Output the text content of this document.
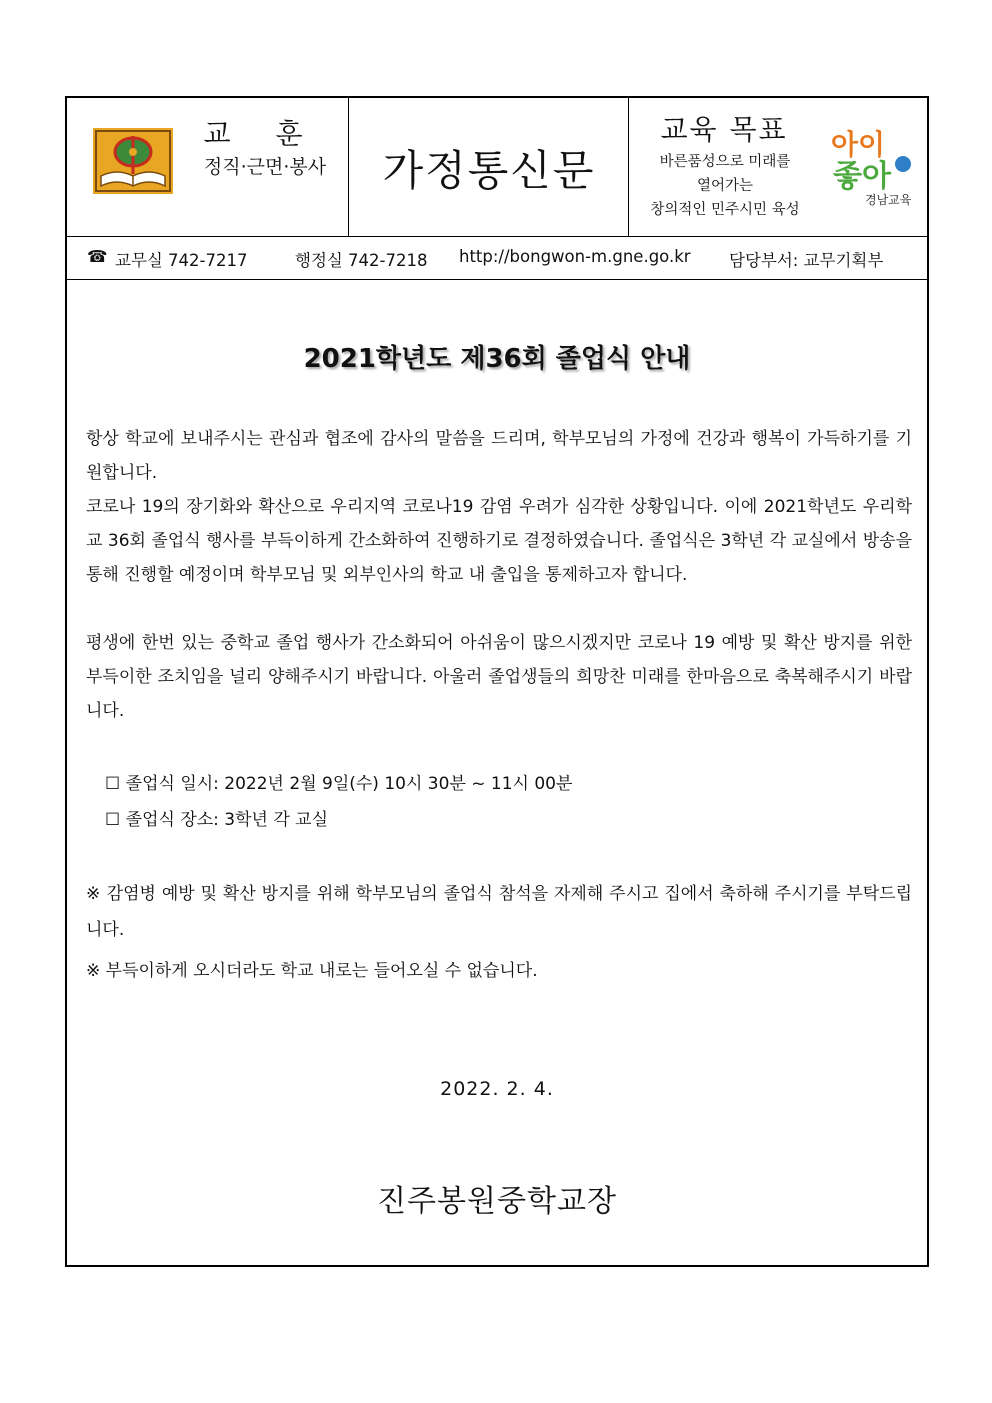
교 훈
정직·근면·봉사	가정통신문
교육 목표
바른품성으로 미래를
열어가는
창의적인 민주시민 육성
아이
좋아
경남교육
☎ 교무실 742-7217	행정실 742-7218 http://bongwon-m.gne.go.kr 담당부서: 교무기획부
2021학년도 제36회 졸업식 안내
항상 학교에 보내주시는 관심과 협조에 감사의 말씀을 드리며, 학부모님의 가정에 건강과 행복이 가득하기를 기원합니다.
코로나 19의 장기화와 확산으로 우리지역 코로나19 감염 우려가 심각한 상황입니다. 이에 2021학년도 우리학교 36회 졸업식 행사를 부득이하게 간소화하여 진행하기로 결정하였습니다. 졸업식은 3학년 각 교실에서 방송을 통해 진행할 예정이며 학부모님 및 외부인사의 학교 내 출입을 통제하고자 합니다.
평생에 한번 있는 중학교 졸업 행사가 간소화되어 아쉬움이 많으시겠지만 코로나 19 예방 및 확산 방지를 위한 부득이한 조치임을 널리 양해주시기 바랍니다. 아울러 졸업생들의 희망찬 미래를 한마음으로 축복해주시기 바랍니다.
☐ 졸업식 일시: 2022년 2월 9일(수) 10시 30분 ~ 11시 00분
☐ 졸업식 장소: 3학년 각 교실
※ 감염병 예방 및 확산 방지를 위해 학부모님의 졸업식 참석을 자제해 주시고 집에서 축하해 주시기를 부탁드립니다.
※ 부득이하게 오시더라도 학교 내로는 들어오실 수 없습니다.
2022. 2. 4.
진주봉원중학교장
